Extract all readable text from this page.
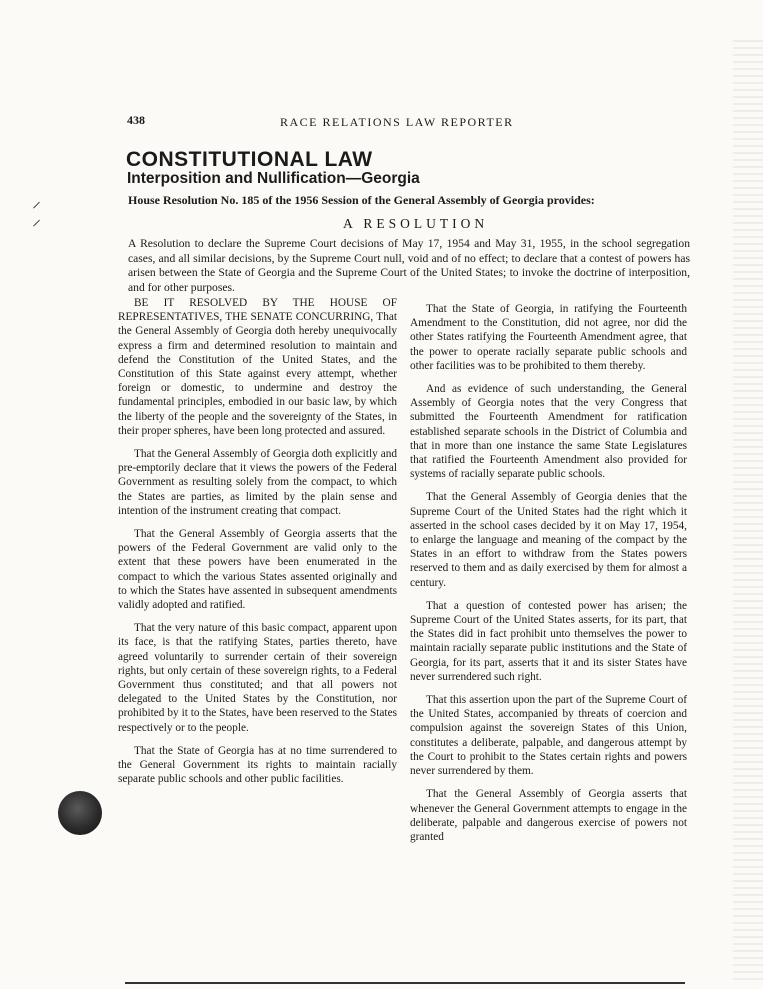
⸝
⸝
438	RACE RELATIONS LAW REPORTER
CONSTITUTIONAL LAW
Interposition and Nullification—Georgia
House Resolution No. 185 of the 1956 Session of the General Assembly of Georgia provides:
A RESOLUTION
A Resolution to declare the Supreme Court decisions of May 17, 1954 and May 31, 1955, in the school segregation cases, and all similar decisions, by the Supreme Court null, void and of no effect; to declare that a contest of powers has arisen between the State of Georgia and the Supreme Court of the United States; to invoke the doctrine of interposition, and for other purposes.

BE IT RESOLVED BY THE HOUSE OF REPRESENTATIVES, THE SENATE CONCURRING, That the General Assembly of Georgia doth hereby unequivocally express a firm and determined resolution to maintain and defend the Constitution of the United States, and the Constitution of this State against every attempt, whether foreign or domestic, to undermine and destroy the fundamental principles, embodied in our basic law, by which the liberty of the people and the sovereignty of the States, in their proper spheres, have been long protected and assured.

That the General Assembly of Georgia doth explicitly and pre-emptorily declare that it views the powers of the Federal Government as resulting solely from the compact, to which the States are parties, as limited by the plain sense and intention of the instrument creating that compact.

That the General Assembly of Georgia asserts that the powers of the Federal Government are valid only to the extent that these powers have been enumerated in the compact to which the various States assented originally and to which the States have assented in subsequent amendments validly adopted and ratified.

That the very nature of this basic compact, apparent upon its face, is that the ratifying States, parties thereto, have agreed voluntarily to surrender certain of their sovereign rights, but only certain of these sovereign rights, to a Federal Government thus constituted; and that all powers not delegated to the United States by the Constitution, nor prohibited by it to the States, have been reserved to the States respectively or to the people.

That the State of Georgia has at no time surrendered to the General Government its rights to maintain racially separate public schools and other public facilities.

That the State of Georgia, in ratifying the Fourteenth Amendment to the Constitution, did not agree, nor did the other States ratifying the Fourteenth Amendment agree, that the power to operate racially separate public schools and other facilities was to be prohibited to them thereby.

And as evidence of such understanding, the General Assembly of Georgia notes that the very Congress that submitted the Fourteenth Amendment for ratification established separate schools in the District of Columbia and that in more than one instance the same State Legislatures that ratified the Fourteenth Amendment also provided for systems of racially separate public schools.

That the General Assembly of Georgia denies that the Supreme Court of the United States had the right which it asserted in the school cases decided by it on May 17, 1954, to enlarge the language and meaning of the compact by the States in an effort to withdraw from the States powers reserved to them and as daily exercised by them for almost a century.

That a question of contested power has arisen; the Supreme Court of the United States asserts, for its part, that the States did in fact prohibit unto themselves the power to maintain racially separate public institutions and the State of Georgia, for its part, asserts that it and its sister States have never surrendered such right.

That this assertion upon the part of the Supreme Court of the United States, accompanied by threats of coercion and compulsion against the sovereign States of this Union, constitutes a deliberate, palpable, and dangerous attempt by the Court to prohibit to the States certain rights and powers never surrendered by them.

That the General Assembly of Georgia asserts that whenever the General Government attempts to engage in the deliberate, palpable and dangerous exercise of powers not granted
